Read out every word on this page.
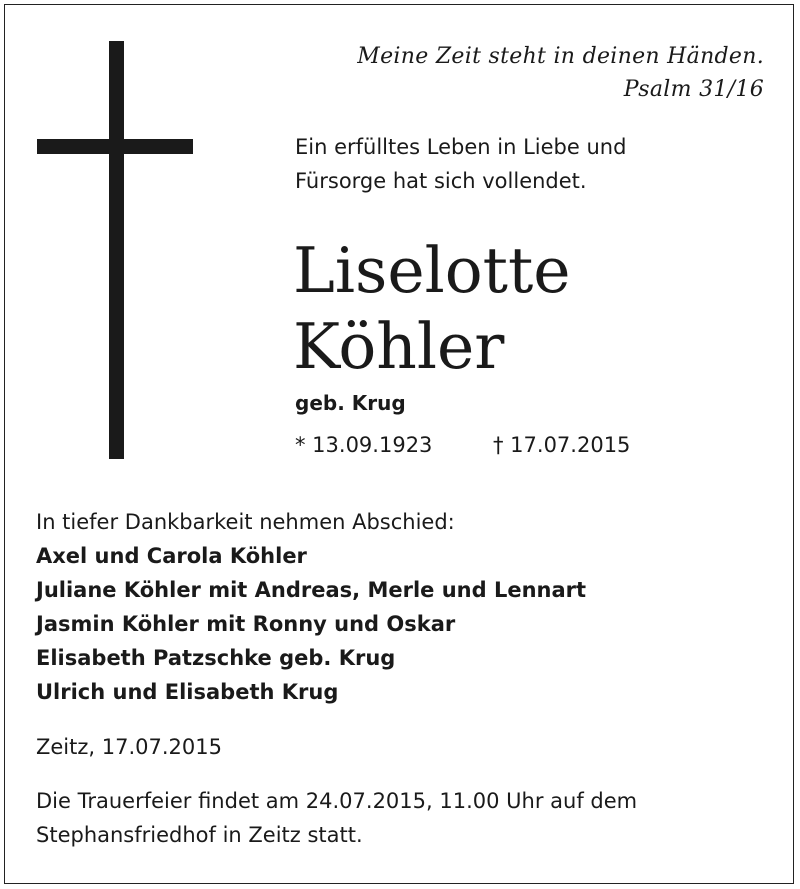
Meine Zeit steht in deinen Händen.
Psalm 31/16
Ein erfülltes Leben in Liebe und
Fürsorge hat sich vollendet.
Liselotte
Köhler
geb. Krug
* 13.09.1923	† 17.07.2015
In tiefer Dankbarkeit nehmen Abschied:
Axel und Carola Köhler
Juliane Köhler mit Andreas, Merle und Lennart
Jasmin Köhler mit Ronny und Oskar
Elisabeth Patzschke geb. Krug
Ulrich und Elisabeth Krug
Zeitz, 17.07.2015
Die Trauerfeier findet am 24.07.2015, 11.00 Uhr auf dem
Stephansfriedhof in Zeitz statt.
